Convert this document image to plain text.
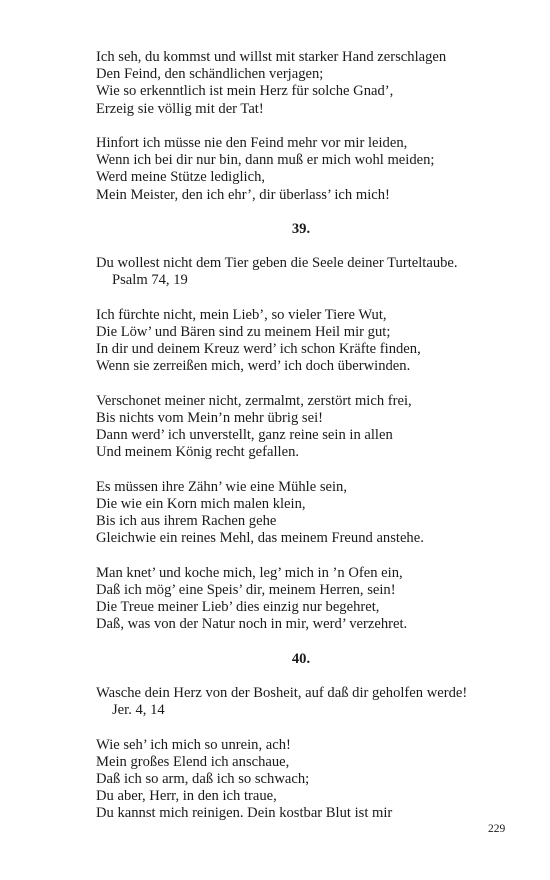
Ich seh, du kommst und willst mit starker Hand zerschlagen
Den Feind, den schändlichen verjagen;
Wie so erkenntlich ist mein Herz für solche Gnad’,
Erzeig sie völlig mit der Tat!
Hinfort ich müsse nie den Feind mehr vor mir leiden,
Wenn ich bei dir nur bin, dann muß er mich wohl meiden;
Werd meine Stütze lediglich,
Mein Meister, den ich ehr’, dir überlass’ ich mich!
39.
Du wollest nicht dem Tier geben die Seele deiner Turteltaube.
Psalm 74, 19
Ich fürchte nicht, mein Lieb’, so vieler Tiere Wut,
Die Löw’ und Bären sind zu meinem Heil mir gut;
In dir und deinem Kreuz werd’ ich schon Kräfte finden,
Wenn sie zerreißen mich, werd’ ich doch überwinden.
Verschonet meiner nicht, zermalmt, zerstört mich frei,
Bis nichts vom Mein’n mehr übrig sei!
Dann werd’ ich unverstellt, ganz reine sein in allen
Und meinem König recht gefallen.
Es müssen ihre Zähn’ wie eine Mühle sein,
Die wie ein Korn mich malen klein,
Bis ich aus ihrem Rachen gehe
Gleichwie ein reines Mehl, das meinem Freund anstehe.
Man knet’ und koche mich, leg’ mich in ’n Ofen ein,
Daß ich mög’ eine Speis’ dir, meinem Herren, sein!
Die Treue meiner Lieb’ dies einzig nur begehret,
Daß, was von der Natur noch in mir, werd’ verzehret.
40.
Wasche dein Herz von der Bosheit, auf daß dir geholfen werde!
Jer. 4, 14
Wie seh’ ich mich so unrein, ach!
Mein großes Elend ich anschaue,
Daß ich so arm, daß ich so schwach;
Du aber, Herr, in den ich traue,
Du kannst mich reinigen. Dein kostbar Blut ist mir
229
